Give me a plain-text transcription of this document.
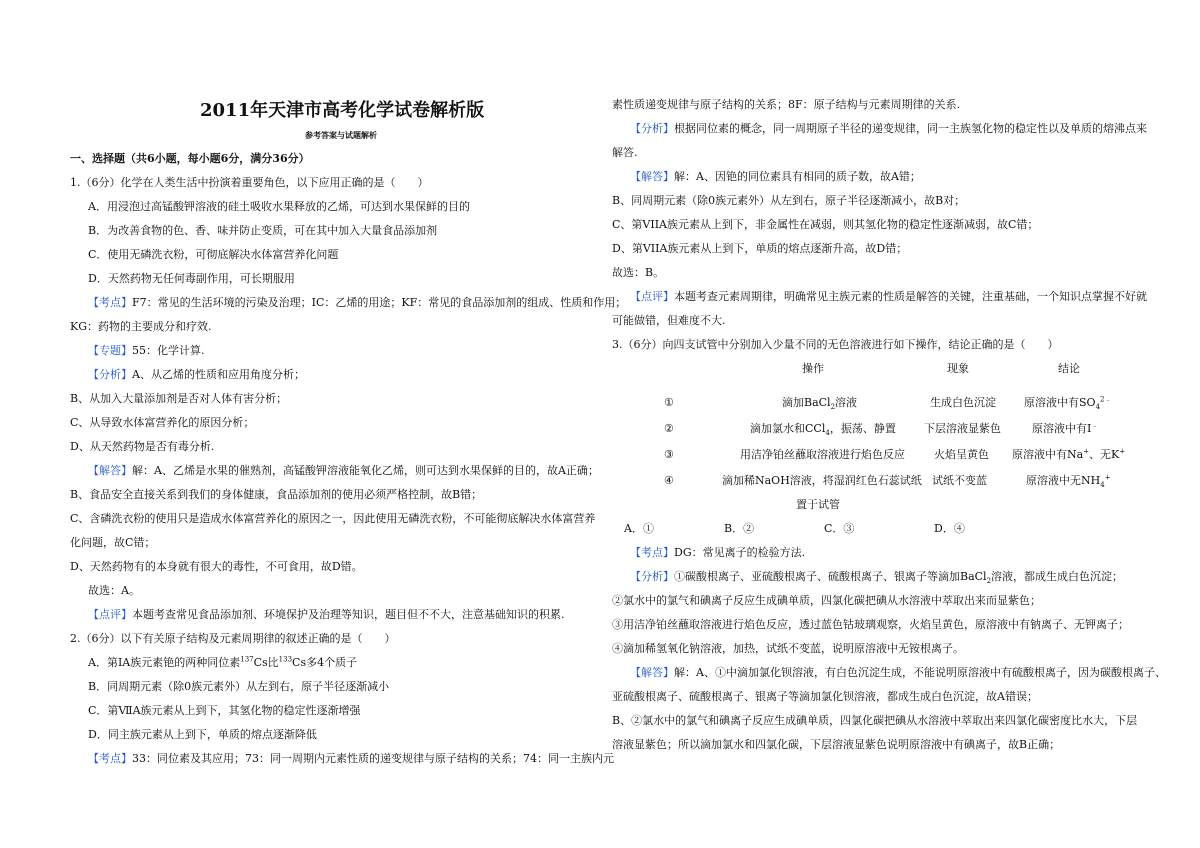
2011年天津市高考化学试卷解析版
参考答案与试题解析
一、选择题（共6小题，每小题6分，满分36分）
1.（6分）化学在人类生活中扮演着重要角色，以下应用正确的是（　　）
A．用浸泡过高锰酸钾溶液的硅土吸收水果释放的乙烯，可达到水果保鲜的目的
B．为改善食物的色、香、味并防止变质，可在其中加入大量食品添加剂
C．使用无磷洗衣粉，可彻底解决水体富营养化问题
D．天然药物无任何毒副作用，可长期服用
【考点】F7：常见的生活环境的污染及治理；IC：乙烯的用途；KF：常见的食品添加剂的组成、性质和作用；
KG：药物的主要成分和疗效.
【专题】55：化学计算.
【分析】A、从乙烯的性质和应用角度分析；
B、从加入大量添加剂是否对人体有害分析；
C、从导致水体富营养化的原因分析；
D、从天然药物是否有毒分析.
【解答】解：A、乙烯是水果的催熟剂，高锰酸钾溶液能氧化乙烯，则可达到水果保鲜的目的，故A正确；
B、食品安全直接关系到我们的身体健康，食品添加剂的使用必须严格控制，故B错；
C、含磷洗衣粉的使用只是造成水体富营养化的原因之一，因此使用无磷洗衣粉，不可能彻底解决水体富营养
化问题，故C错；
D、天然药物有的本身就有很大的毒性，不可食用，故D错。
故选：A。
【点评】本题考查常见食品添加剂、环境保护及治理等知识，题目但不不大，注意基础知识的积累.
2.（6分）以下有关原子结构及元素周期律的叙述正确的是（　　）
A．第IA族元素铯的两种同位素$^{137}$Cs比$^{133}$Cs多4个质子
B．同周期元素（除0族元素外）从左到右，原子半径逐渐减小
C．第ⅦA族元素从上到下，其氢化物的稳定性逐渐增强
D．同主族元素从上到下，单质的熔点逐渐降低
【考点】33：同位素及其应用；73：同一周期内元素性质的递变规律与原子结构的关系；74：同一主族内元
素性质递变规律与原子结构的关系；8F：原子结构与元素周期律的关系.
【分析】根据同位素的概念，同一周期原子半径的递变规律，同一主族氢化物的稳定性以及单质的熔沸点来
解答.
【解答】解：A、因铯的同位素具有相同的质子数，故A错；
B、同周期元素（除0族元素外）从左到右，原子半径逐渐减小，故B对；
C、第VIIA族元素从上到下，非金属性在减弱，则其氢化物的稳定性逐渐减弱，故C错；
D、第VIIA族元素从上到下，单质的熔点逐渐升高，故D错；
故选：B。
【点评】本题考查元素周期律，明确常见主族元素的性质是解答的关键，注重基础，一个知识点掌握不好就
可能做错，但难度不大.
3.（6分）向四支试管中分别加入少量不同的无色溶液进行如下操作，结论正确的是（　　）
操作	现象	结论
①	滴加BaCl$_2$溶液	生成白色沉淀	原溶液中有$SO_4^{2﹣}$
②	滴加氯水和CCl$_4$，振荡、静置	下层溶液显紫色	原溶液中有I﹣
③	用洁净铂丝蘸取溶液进行焰色反应	火焰呈黄色 原溶液中有Na+、无K+
④	滴加稀NaOH溶液，将湿润红色石蕊试纸 试纸不变蓝	原溶液中无$NH_4^+$
置于试管
A．①	B．②	C．③	D．④
【考点】DG：常见离子的检验方法.
【分析】①碳酸根离子、亚硫酸根离子、硫酸根离子、银离子等滴加BaCl$_2$溶液，都成生成白色沉淀；
②氯水中的氯气和碘离子反应生成碘单质，四氯化碳把碘从水溶液中萃取出来而显紫色；
③用洁净铂丝蘸取溶液进行焰色反应，透过蓝色钴玻璃观察，火焰呈黄色，原溶液中有钠离子、无钾离子；
④滴加稀氢氧化钠溶液，加热，试纸不变蓝，说明原溶液中无铵根离子。
【解答】解：A、①中滴加氯化钡溶液，有白色沉淀生成，不能说明原溶液中有硫酸根离子，因为碳酸根离子、
亚硫酸根离子、硫酸根离子、银离子等滴加氯化钡溶液，都成生成白色沉淀，故A错误；
B、②氯水中的氯气和碘离子反应生成碘单质，四氯化碳把碘从水溶液中萃取出来四氯化碳密度比水大，下层
溶液显紫色；所以滴加氯水和四氯化碳，下层溶液显紫色说明原溶液中有碘离子，故B正确；
